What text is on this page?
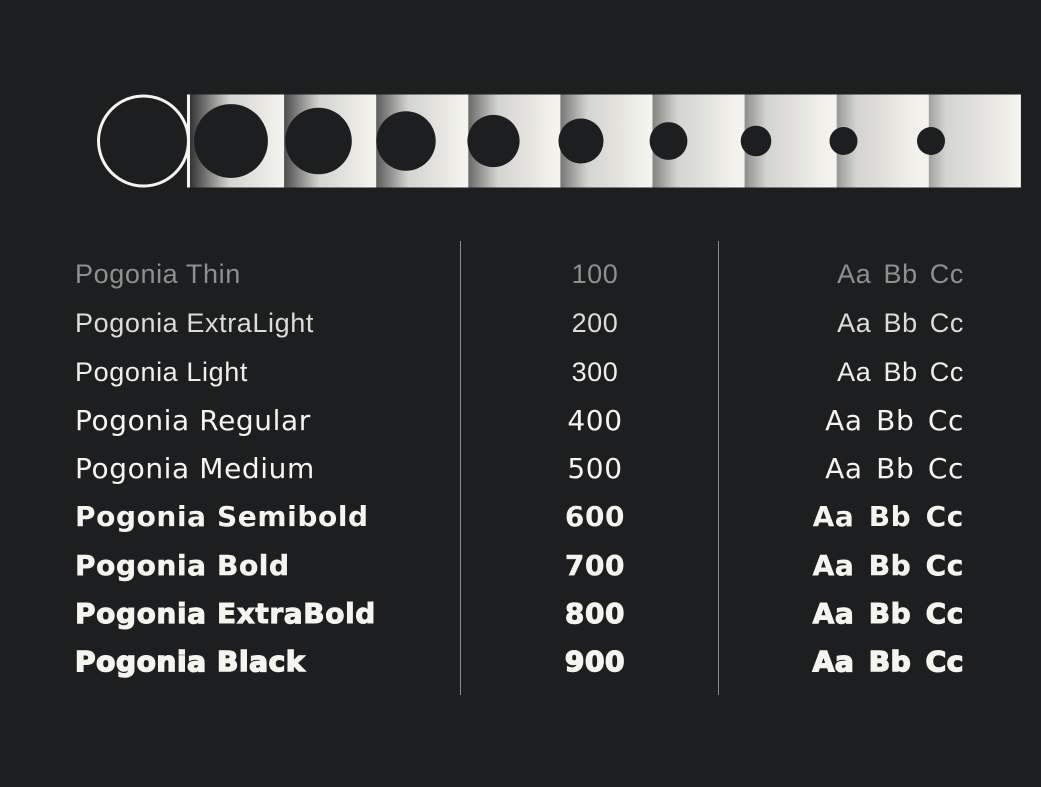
Pogonia Thin	100	Aa Bb Cc
Pogonia ExtraLight	200	Aa Bb Cc
Pogonia Light	300	Aa Bb Cc
Pogonia Regular	400	Aa Bb Cc
Pogonia Medium	500	Aa Bb Cc
Pogonia Semibold	600	Aa Bb Cc
Pogonia Bold	700	Aa Bb Cc
Pogonia ExtraBold	800	Aa Bb Cc
Pogonia Black	900	Aa Bb Cc
